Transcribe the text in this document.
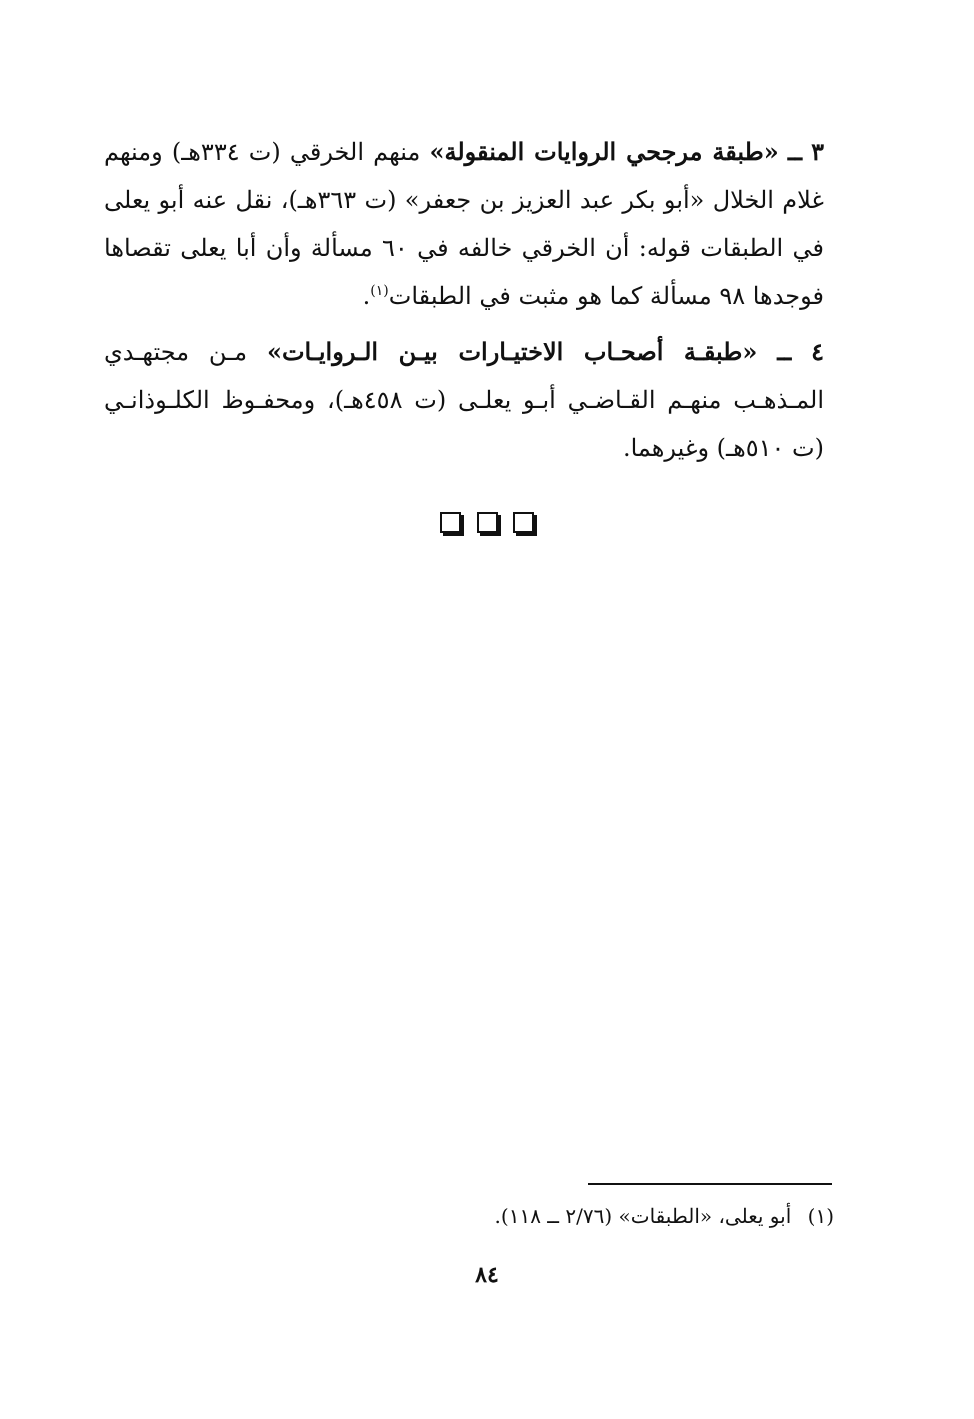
٣ ــ «طبقة مرجحي الروايات المنقولة» منهم الخرقي (ت ٣٣٤هـ) ومنهم غلام الخلال «أبو بكر عبد العزيز بن جعفر» (ت ٣٦٣هـ)، نقل عنه أبو يعلى في الطبقات قوله: أن الخرقي خالفه في ٦٠ مسألة وأن أبا يعلى تقصاها فوجدها ٩٨ مسألة كما هو مثبت في الطبقات$^{(١)}$.

٤ ــ «طبقـة أصحـاب الاختيـارات بيـن الـروايـات» مـن مجتهـدي المـذهـب منهـم القـاضـي أبـو يعلـى (ت ٤٥٨هـ)، ومحفـوظ الكلـوذانـي (ت ٥١٠هـ) وغيرهما.

(١) أبو يعلى، «الطبقات» (٢/٧٦ ــ ١١٨).
٨٤
